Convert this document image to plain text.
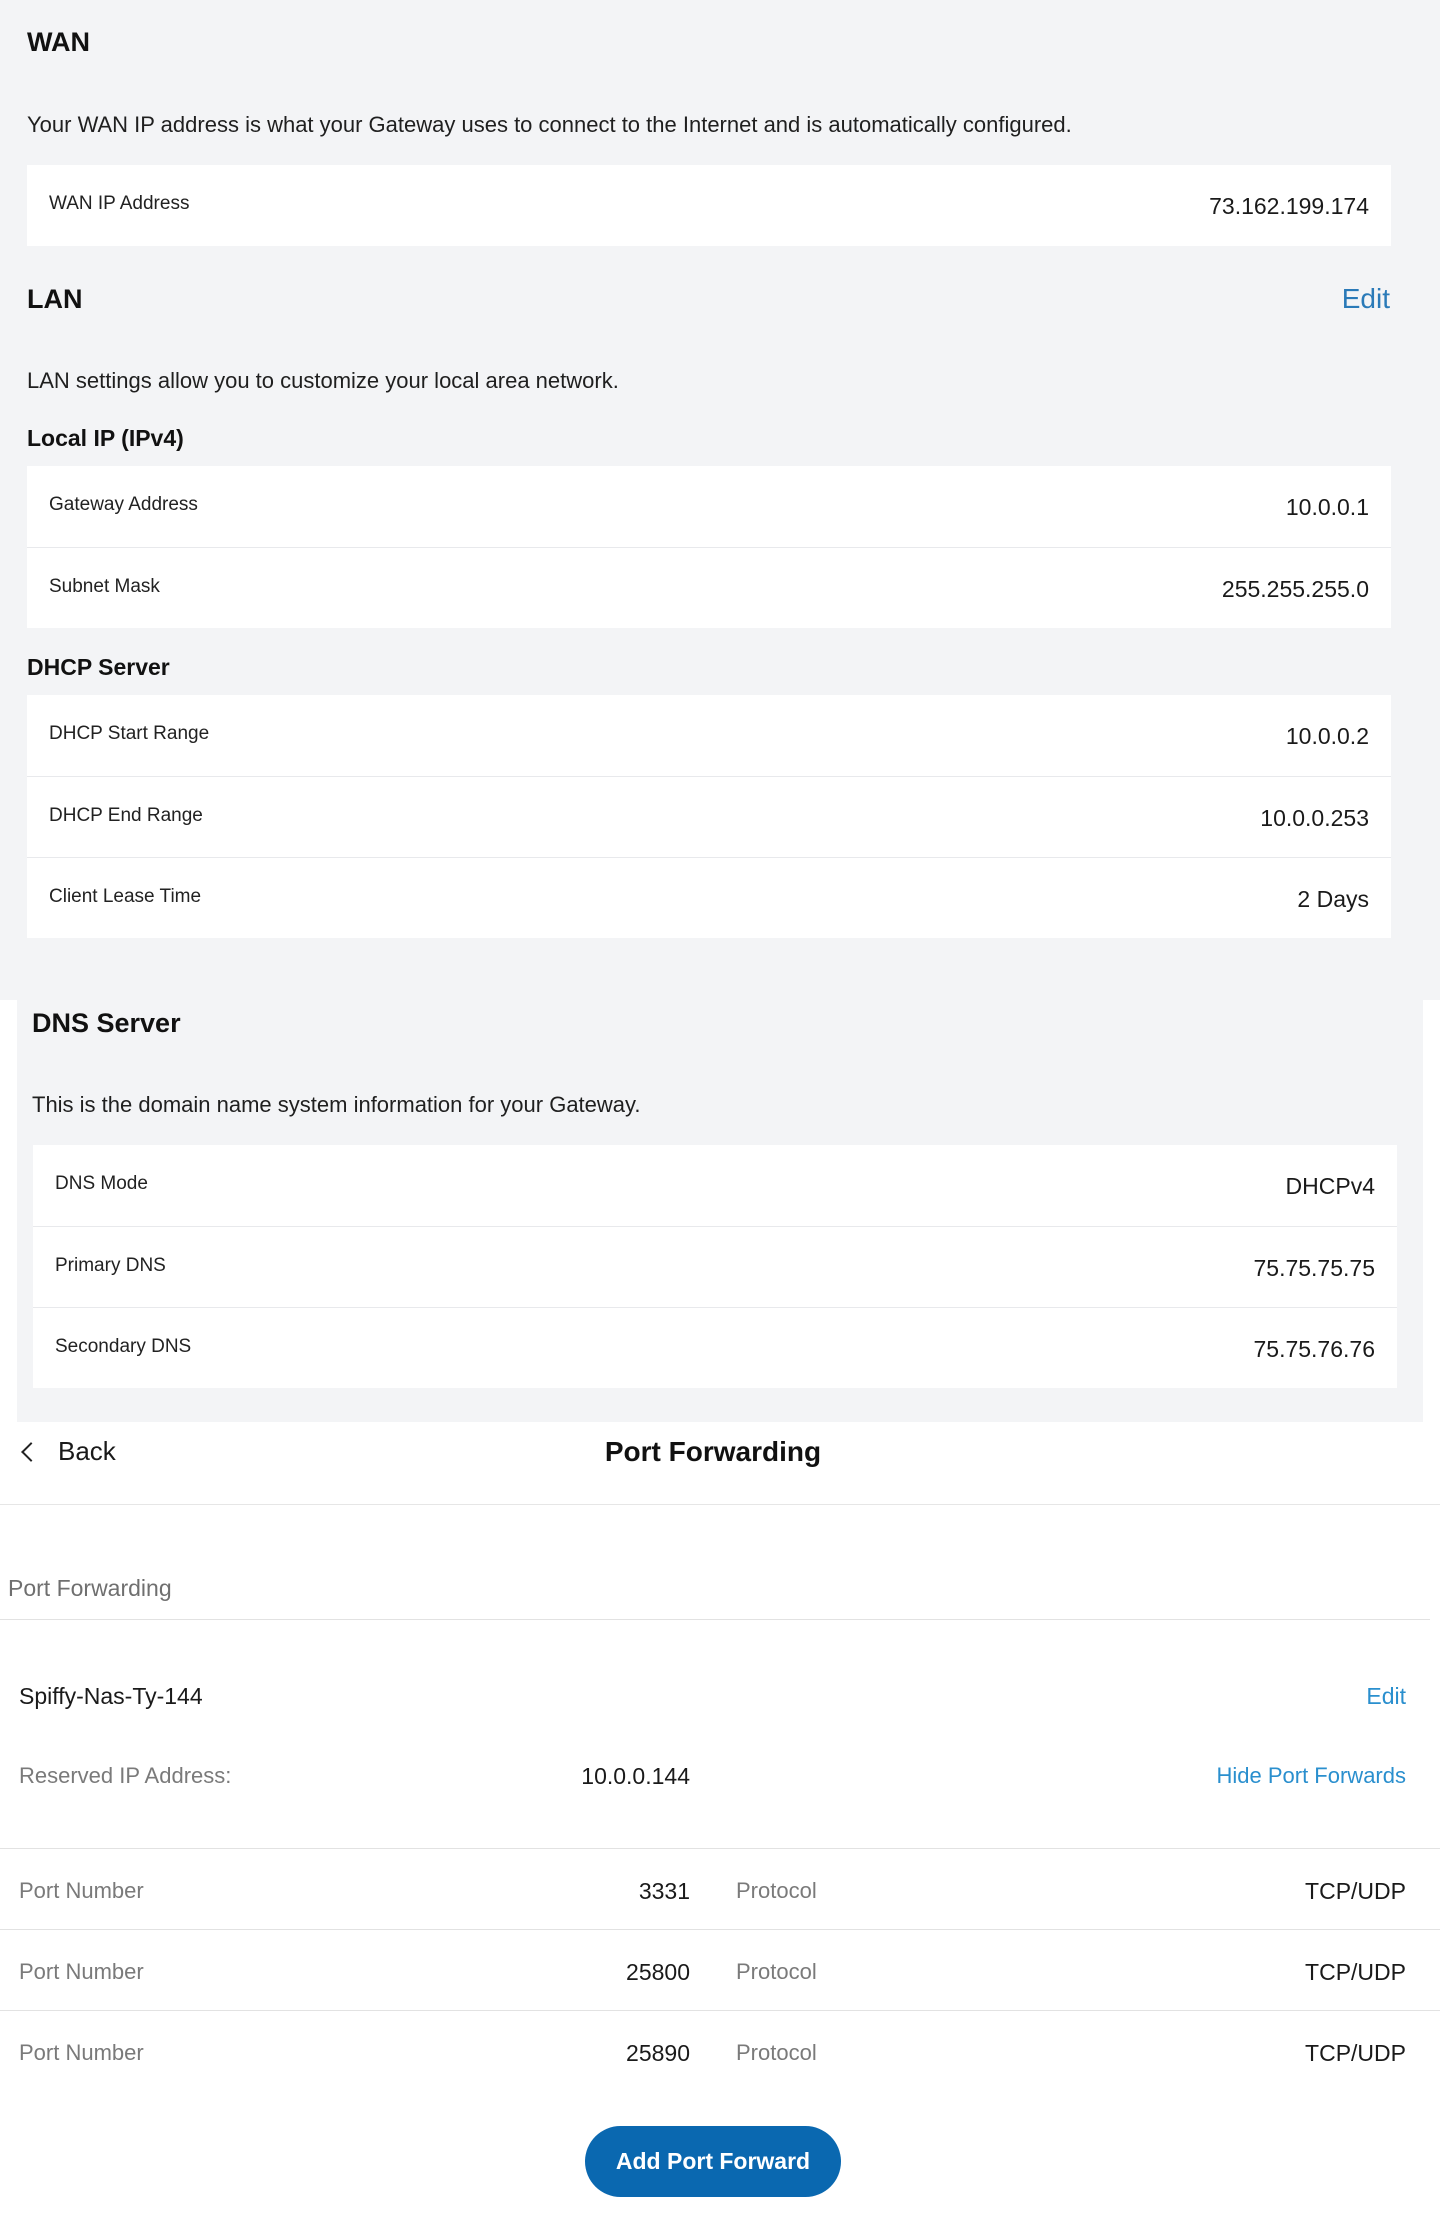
WAN
Your WAN IP address is what your Gateway uses to connect to the Internet and is automatically configured.
WAN IP Address	73.162.199.174
LAN	Edit
LAN settings allow you to customize your local area network.
Local IP (IPv4)
Gateway Address	10.0.0.1
Subnet Mask	255.255.255.0
DHCP Server
DHCP Start Range	10.0.0.2
DHCP End Range	10.0.0.253
Client Lease Time	2 Days
DNS Server
This is the domain name system information for your Gateway.
DNS Mode	DHCPv4
Primary DNS	75.75.75.75
Secondary DNS	75.75.76.76
Back	Port Forwarding
Port Forwarding
Spiffy-Nas-Ty-144	Edit
Reserved IP Address:	10.0.0.144	Hide Port Forwards
Port Number	3331 Protocol	TCP/UDP
Port Number	25800 Protocol	TCP/UDP
Port Number	25890 Protocol	TCP/UDP
Add Port Forward
